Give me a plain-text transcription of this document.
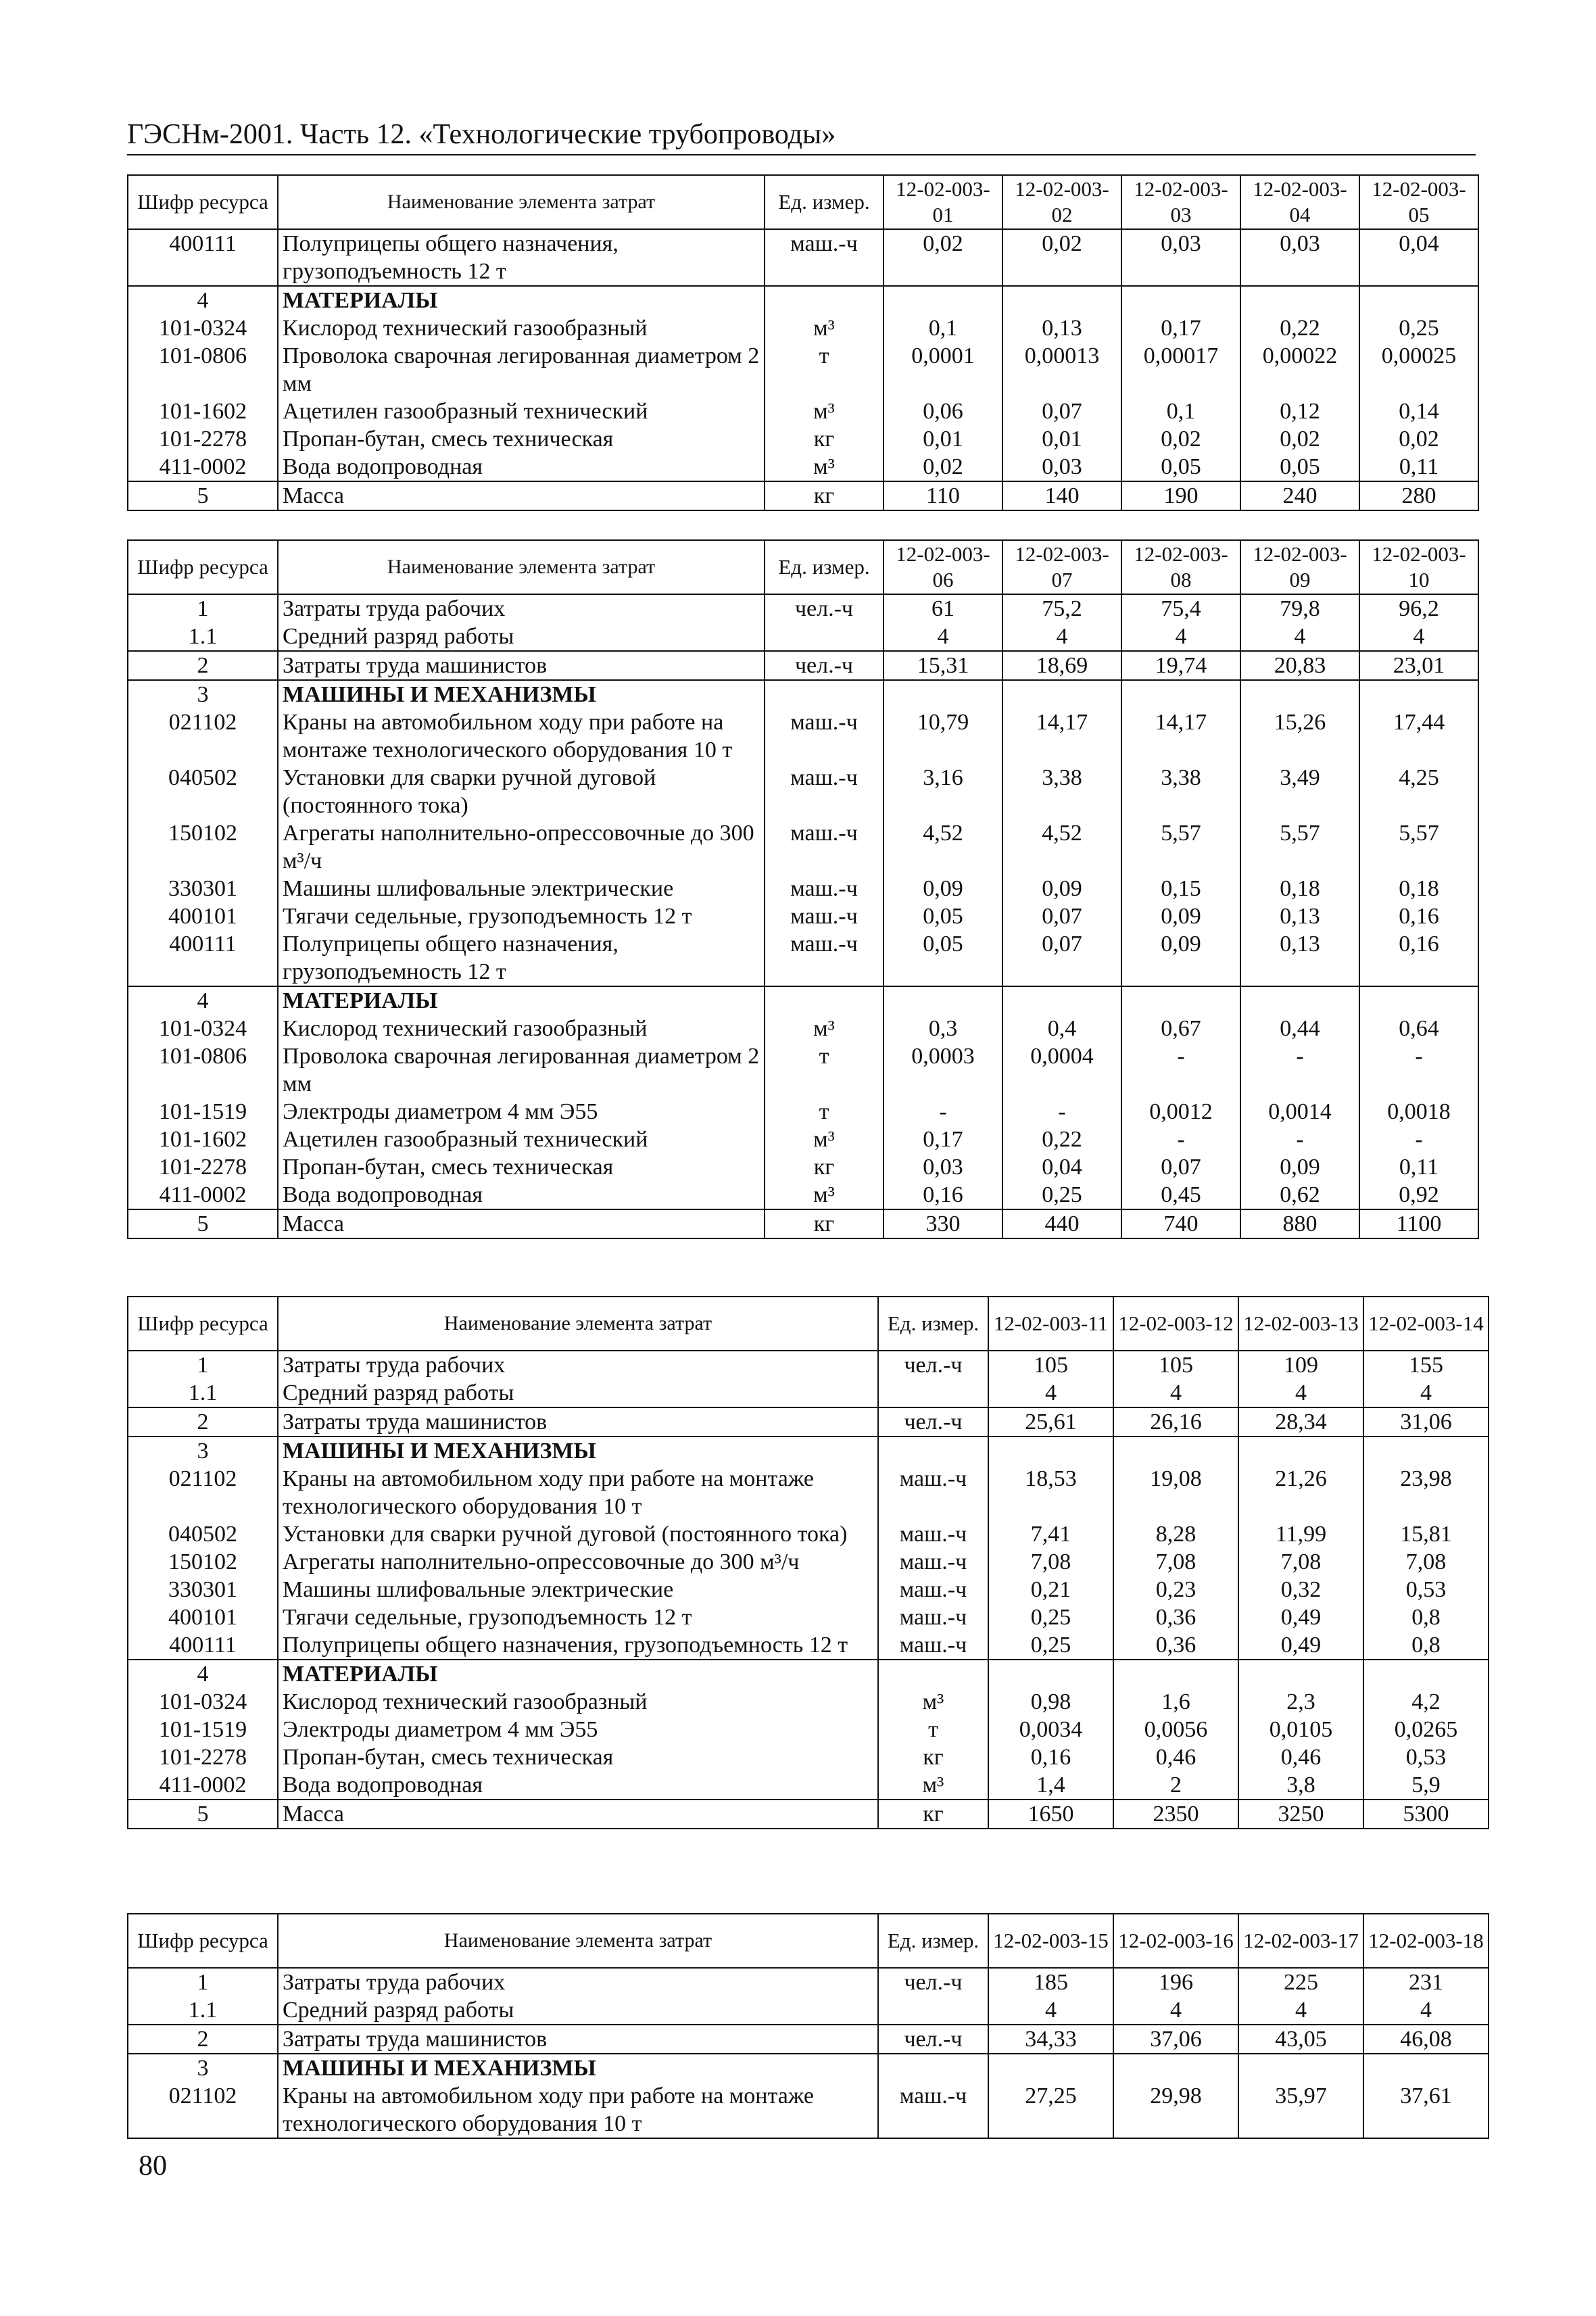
ГЭСНм-2001. Часть 12. «Технологические трубопроводы»
Шифр ресурса	Наименование элемента затрат	Ед. измер.	12-02-003-01	12-02-003-02	12-02-003-03	12-02-003-04	12-02-003-05
400111	Полуприцепы общего назначения, грузоподъемность 12 т	маш.-ч	0,02	0,02	0,03	0,03	0,04
4	МАТЕРИАЛЫ						
101-0324	Кислород технический газообразный	м³	0,1	0,13	0,17	0,22	0,25
101-0806	Проволока сварочная легированная диаметром 2 мм	т	0,0001	0,00013	0,00017	0,00022	0,00025
101-1602	Ацетилен газообразный технический	м³	0,06	0,07	0,1	0,12	0,14
101-2278	Пропан-бутан, смесь техническая	кг	0,01	0,01	0,02	0,02	0,02
411-0002	Вода водопроводная	м³	0,02	0,03	0,05	0,05	0,11
5	Масса	кг	110	140	190	240	280
Шифр ресурса	Наименование элемента затрат	Ед. измер.	12-02-003-06	12-02-003-07	12-02-003-08	12-02-003-09	12-02-003-10
1	Затраты труда рабочих	чел.-ч	61	75,2	75,4	79,8	96,2
1.1	Средний разряд работы		4	4	4	4	4
2	Затраты труда машинистов	чел.-ч	15,31	18,69	19,74	20,83	23,01
3	МАШИНЫ И МЕХАНИЗМЫ						
021102	Краны на автомобильном ходу при работе на монтаже технологического оборудования 10 т	маш.-ч	10,79	14,17	14,17	15,26	17,44
040502	Установки для сварки ручной дуговой (постоянного тока)	маш.-ч	3,16	3,38	3,38	3,49	4,25
150102	Агрегаты наполнительно-опрессовочные до 300 м³/ч	маш.-ч	4,52	4,52	5,57	5,57	5,57
330301	Машины шлифовальные электрические	маш.-ч	0,09	0,09	0,15	0,18	0,18
400101	Тягачи седельные, грузоподъемность 12 т	маш.-ч	0,05	0,07	0,09	0,13	0,16
400111	Полуприцепы общего назначения, грузоподъемность 12 т	маш.-ч	0,05	0,07	0,09	0,13	0,16
4	МАТЕРИАЛЫ						
101-0324	Кислород технический газообразный	м³	0,3	0,4	0,67	0,44	0,64
101-0806	Проволока сварочная легированная диаметром 2 мм	т	0,0003	0,0004	-	-	-
101-1519	Электроды диаметром 4 мм Э55	т	-	-	0,0012	0,0014	0,0018
101-1602	Ацетилен газообразный технический	м³	0,17	0,22	-	-	-
101-2278	Пропан-бутан, смесь техническая	кг	0,03	0,04	0,07	0,09	0,11
411-0002	Вода водопроводная	м³	0,16	0,25	0,45	0,62	0,92
5	Масса	кг	330	440	740	880	1100
Шифр ресурса	Наименование элемента затрат	Ед. измер.	12-02-003-11	12-02-003-12	12-02-003-13	12-02-003-14
1	Затраты труда рабочих	чел.-ч	105	105	109	155
1.1	Средний разряд работы		4	4	4	4
2	Затраты труда машинистов	чел.-ч	25,61	26,16	28,34	31,06
3	МАШИНЫ И МЕХАНИЗМЫ					
021102	Краны на автомобильном ходу при работе на монтаже технологического оборудования 10 т	маш.-ч	18,53	19,08	21,26	23,98
040502	Установки для сварки ручной дуговой (постоянного тока)	маш.-ч	7,41	8,28	11,99	15,81
150102	Агрегаты наполнительно-опрессовочные до 300 м³/ч	маш.-ч	7,08	7,08	7,08	7,08
330301	Машины шлифовальные электрические	маш.-ч	0,21	0,23	0,32	0,53
400101	Тягачи седельные, грузоподъемность 12 т	маш.-ч	0,25	0,36	0,49	0,8
400111	Полуприцепы общего назначения, грузоподъемность 12 т	маш.-ч	0,25	0,36	0,49	0,8
4	МАТЕРИАЛЫ					
101-0324	Кислород технический газообразный	м³	0,98	1,6	2,3	4,2
101-1519	Электроды диаметром 4 мм Э55	т	0,0034	0,0056	0,0105	0,0265
101-2278	Пропан-бутан, смесь техническая	кг	0,16	0,46	0,46	0,53
411-0002	Вода водопроводная	м³	1,4	2	3,8	5,9
5	Масса	кг	1650	2350	3250	5300
Шифр ресурса	Наименование элемента затрат	Ед. измер.	12-02-003-15	12-02-003-16	12-02-003-17	12-02-003-18
1	Затраты труда рабочих	чел.-ч	185	196	225	231
1.1	Средний разряд работы		4	4	4	4
2	Затраты труда машинистов	чел.-ч	34,33	37,06	43,05	46,08
3	МАШИНЫ И МЕХАНИЗМЫ					
021102	Краны на автомобильном ходу при работе на монтаже технологического оборудования 10 т	маш.-ч	27,25	29,98	35,97	37,61
80
